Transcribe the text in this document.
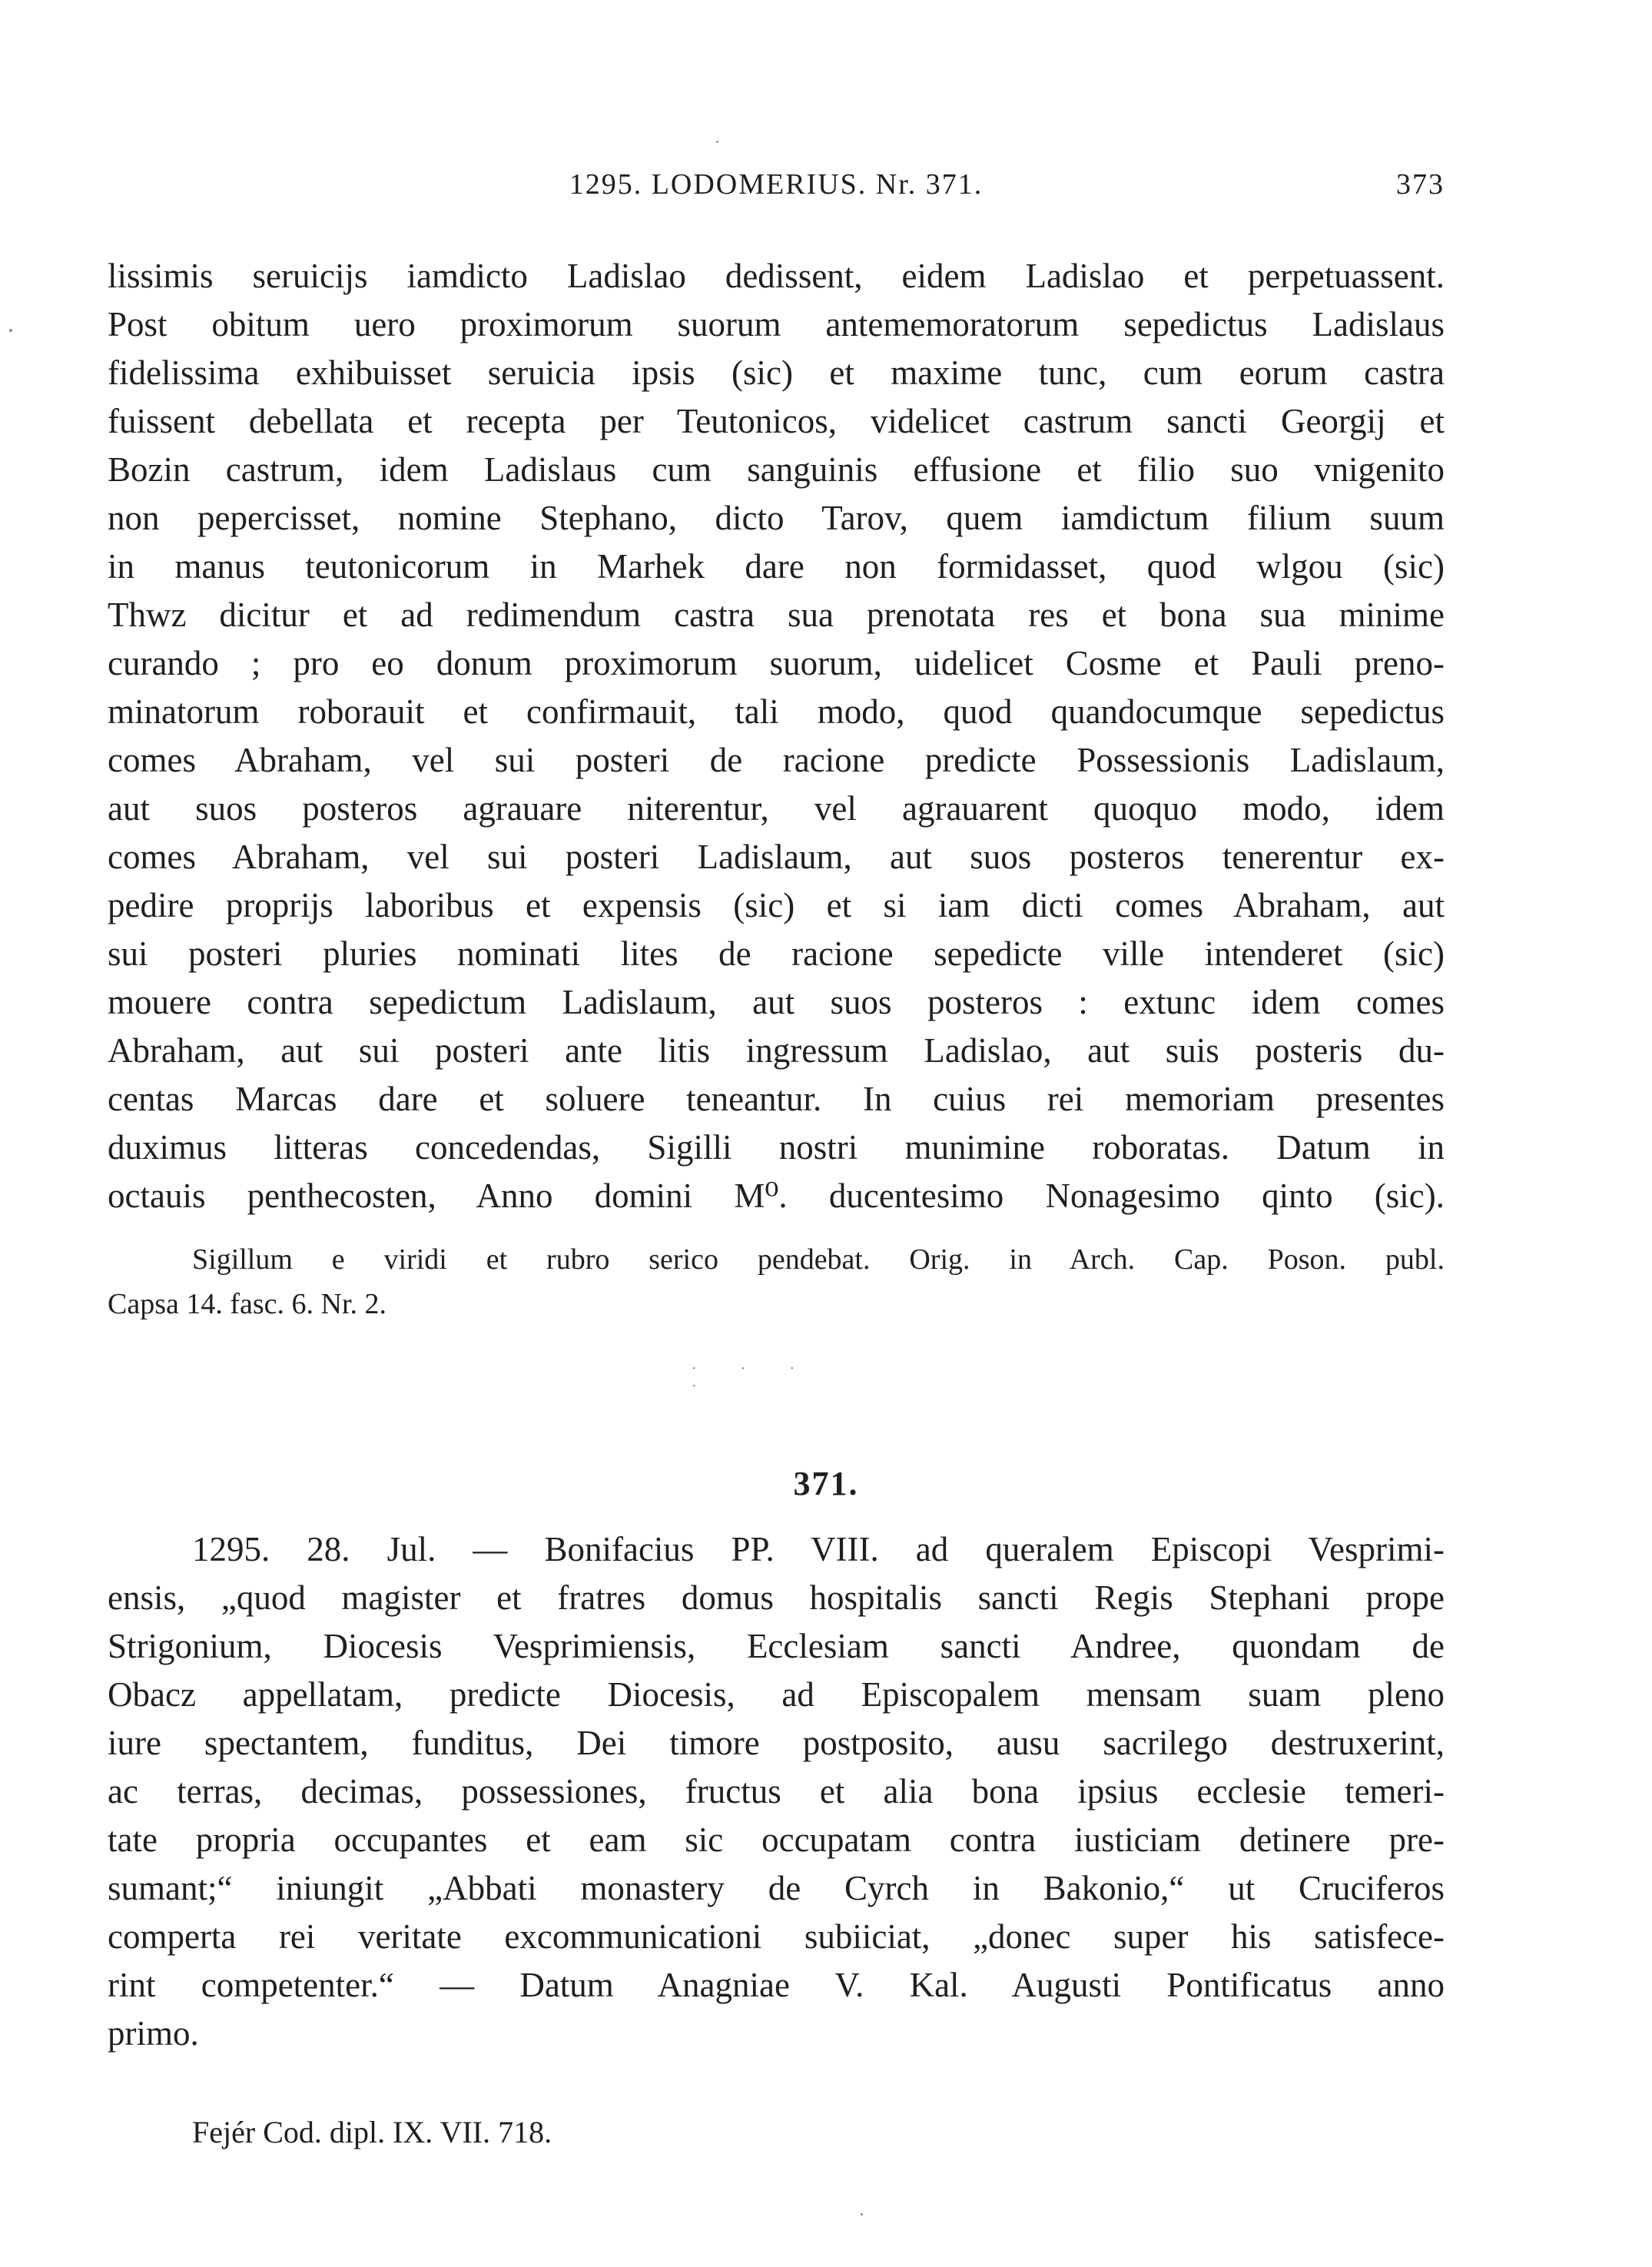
1295. LODOMERIUS. Nr. 371.	373
lissimis seruicijs iamdicto Ladislao dedissent, eidem Ladislao et perpetuassent.
Post obitum uero proximorum suorum antememoratorum sepedictus Ladislaus
fidelissima exhibuisset seruicia ipsis (sic) et maxime tunc, cum eorum castra
fuissent debellata et recepta per Teutonicos, videlicet castrum sancti Georgij et
Bozin castrum, idem Ladislaus cum sanguinis effusione et filio suo vnigenito
non pepercisset, nomine Stephano, dicto Tarov, quem iamdictum filium suum
in manus teutonicorum in Marhek dare non formidasset, quod wlgou (sic)
Thwz dicitur et ad redimendum castra sua prenotata res et bona sua minime
curando ; pro eo donum proximorum suorum, uidelicet Cosme et Pauli preno-
minatorum roborauit et confirmauit, tali modo, quod quandocumque sepedictus
comes Abraham, vel sui posteri de racione predicte Possessionis Ladislaum,
aut suos posteros agrauare niterentur, vel agrauarent quoquo modo, idem
comes Abraham, vel sui posteri Ladislaum, aut suos posteros tenerentur ex-
pedire proprijs laboribus et expensis (sic) et si iam dicti comes Abraham, aut
sui posteri pluries nominati lites de racione sepedicte ville intenderet (sic)
mouere contra sepedictum Ladislaum, aut suos posteros : extunc idem comes
Abraham, aut sui posteri ante litis ingressum Ladislao, aut suis posteris du-
centas Marcas dare et soluere teneantur. In cuius rei memoriam presentes
duximus litteras concedendas, Sigilli nostri munimine roboratas. Datum in
octauis penthecosten, Anno domini M⁰. ducentesimo Nonagesimo qinto (sic).
Sigillum e viridi et rubro serico pendebat. Orig. in Arch. Cap. Poson. publ.
Capsa 14. fasc. 6. Nr. 2.
· · · ·
371.
1295. 28. Jul. — Bonifacius PP. VIII. ad queralem Episcopi Vesprimi-
ensis, „quod magister et fratres domus hospitalis sancti Regis Stephani prope
Strigonium, Diocesis Vesprimiensis, Ecclesiam sancti Andree, quondam de
Obacz appellatam, predicte Diocesis, ad Episcopalem mensam suam pleno
iure spectantem, funditus, Dei timore postposito, ausu sacrilego destruxerint,
ac terras, decimas, possessiones, fructus et alia bona ipsius ecclesie temeri-
tate propria occupantes et eam sic occupatam contra iusticiam detinere pre-
sumant;“ iniungit „Abbati monastery de Cyrch in Bakonio,“ ut Cruciferos
comperta rei veritate excommunicationi subiiciat, „donec super his satisfece-
rint competenter.“ — Datum Anagniae V. Kal. Augusti Pontificatus anno
primo.
Fejér Cod. dipl. IX. VII. 718.
